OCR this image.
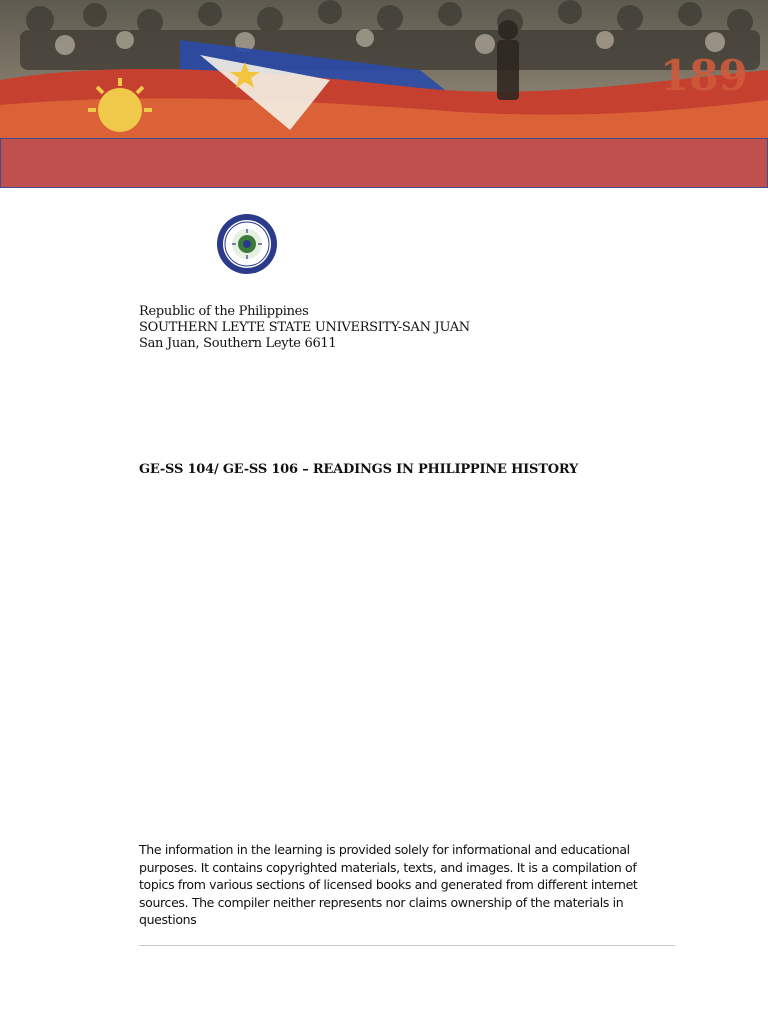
189
Republic of the Philippines
SOUTHERN LEYTE STATE UNIVERSITY-SAN JUAN
San Juan, Southern Leyte 6611
GE-SS 104/ GE-SS 106 – READINGS IN PHILIPPINE HISTORY
The information in the learning is provided solely for informational and educational purposes. It contains copyrighted materials, texts, and images. It is a compilation of topics from various sections of licensed books and generated from different internet sources. The compiler neither represents nor claims ownership of the materials in questions
